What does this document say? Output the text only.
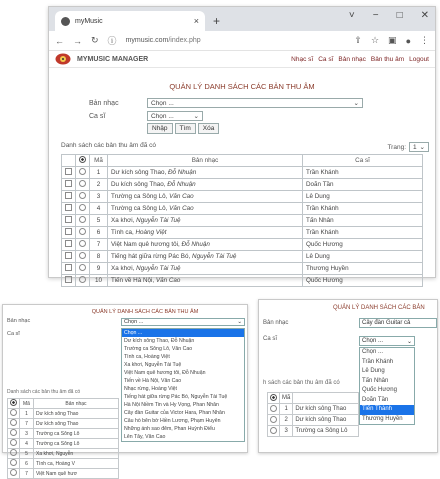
myMusic	× +	˅ − □ ✕
← → ↻ ⓘ mymusic.com/index.php	⇪ ☆ ▣ ● ⋮
MYMUSIC MANAGER	Nhạc sĩ Ca sĩ Bản nhạc Bản thu âm Logout
QUẢN LÝ DANH SÁCH CÁC BẢN THU ÂM
Bản nhạc	Chọn ...	⌄
Ca sĩ	Chọn ...	⌄
Nhập	Tìm	Xóa
Danh sách các bản thu âm đã có	Trang: 1 ⌄
		Mã	Bản nhạc	Ca sĩ
		1	Dư kích sông Thao, Đỗ Nhuận	Trần Khánh
		2	Du kích sông Thao, Đỗ Nhuận	Doãn Tần
		3	Trường ca Sông Lô, Văn Cao	Lê Dung
		4	Trường ca Sông Lô, Văn Cao	Trần Khánh
		5	Xa khơi, Nguyễn Tài Tuệ	Tấn Nhân
		6	Tình ca, Hoàng Việt	Trần Khánh
		7	Việt Nam quê hương tôi, Đỗ Nhuận	Quốc Hương
		8	Tiếng hát giữa rừng Pác Bó, Nguyễn Tài Tuệ	Lê Dung
		9	Xa khơi, Nguyễn Tài Tuệ	Thương Huyền
		10	Tiến về Hà Nội, Văn Cao	Quốc Hương
QUẢN LÝ DANH SÁCH CÁC BẢN THU ÂM
Bản nhạc
Ca sĩ
Chọn ...	⌄
Chọn ...
Dư kích sông Thao, Đỗ Nhuận
Trường ca Sông Lô, Văn Cao
Tình ca, Hoàng Việt
Xa khơi, Nguyễn Tài Tuệ
Việt Nam quê hương tôi, Đỗ Nhuận
Tiến về Hà Nội, Văn Cao
Nhạc rừng, Hoàng Việt
Tiếng hát giữa rừng Pác Bó, Nguyễn Tài Tuệ
Hà Nội Niềm Tin và Hy Vọng, Phan Nhân
Cây đàn Guitar của Victor Hara, Phan Nhân
Câu hò bên bờ Hiền Lương, Phạm Huyên
Những ánh sao đêm, Phan Huỳnh Điểu
Lên Tây, Văn Cao
Danh sách các bản thu âm đã có
	Mã	Bản nhạc
	1	Dư kích sông Thao
	7	Dư kích sông Thao
	3	Trường ca Sông Lô
	4	Trường ca Sông Lô
	5	Xa khơi, Nguyễn
	6	Tình ca, Hoàng V
	7	Việt Nam quê hươ
QUẢN LÝ DANH SÁCH CÁC BẢN
Bản nhạc
Ca sĩ
Cây đàn Guitar cả
Chọn ...	⌄
Chọn ...
Trần Khánh
Lê Dung
Tấn Nhân
Quốc Hương
Doãn Tần
Tiến Thành
Thương Huyền
h sách các bản thu âm đã có
	Mã	
	1	Dư kích sông Thao
	2	Dư kích sông Thao
	3	Trường ca Sông Lô
